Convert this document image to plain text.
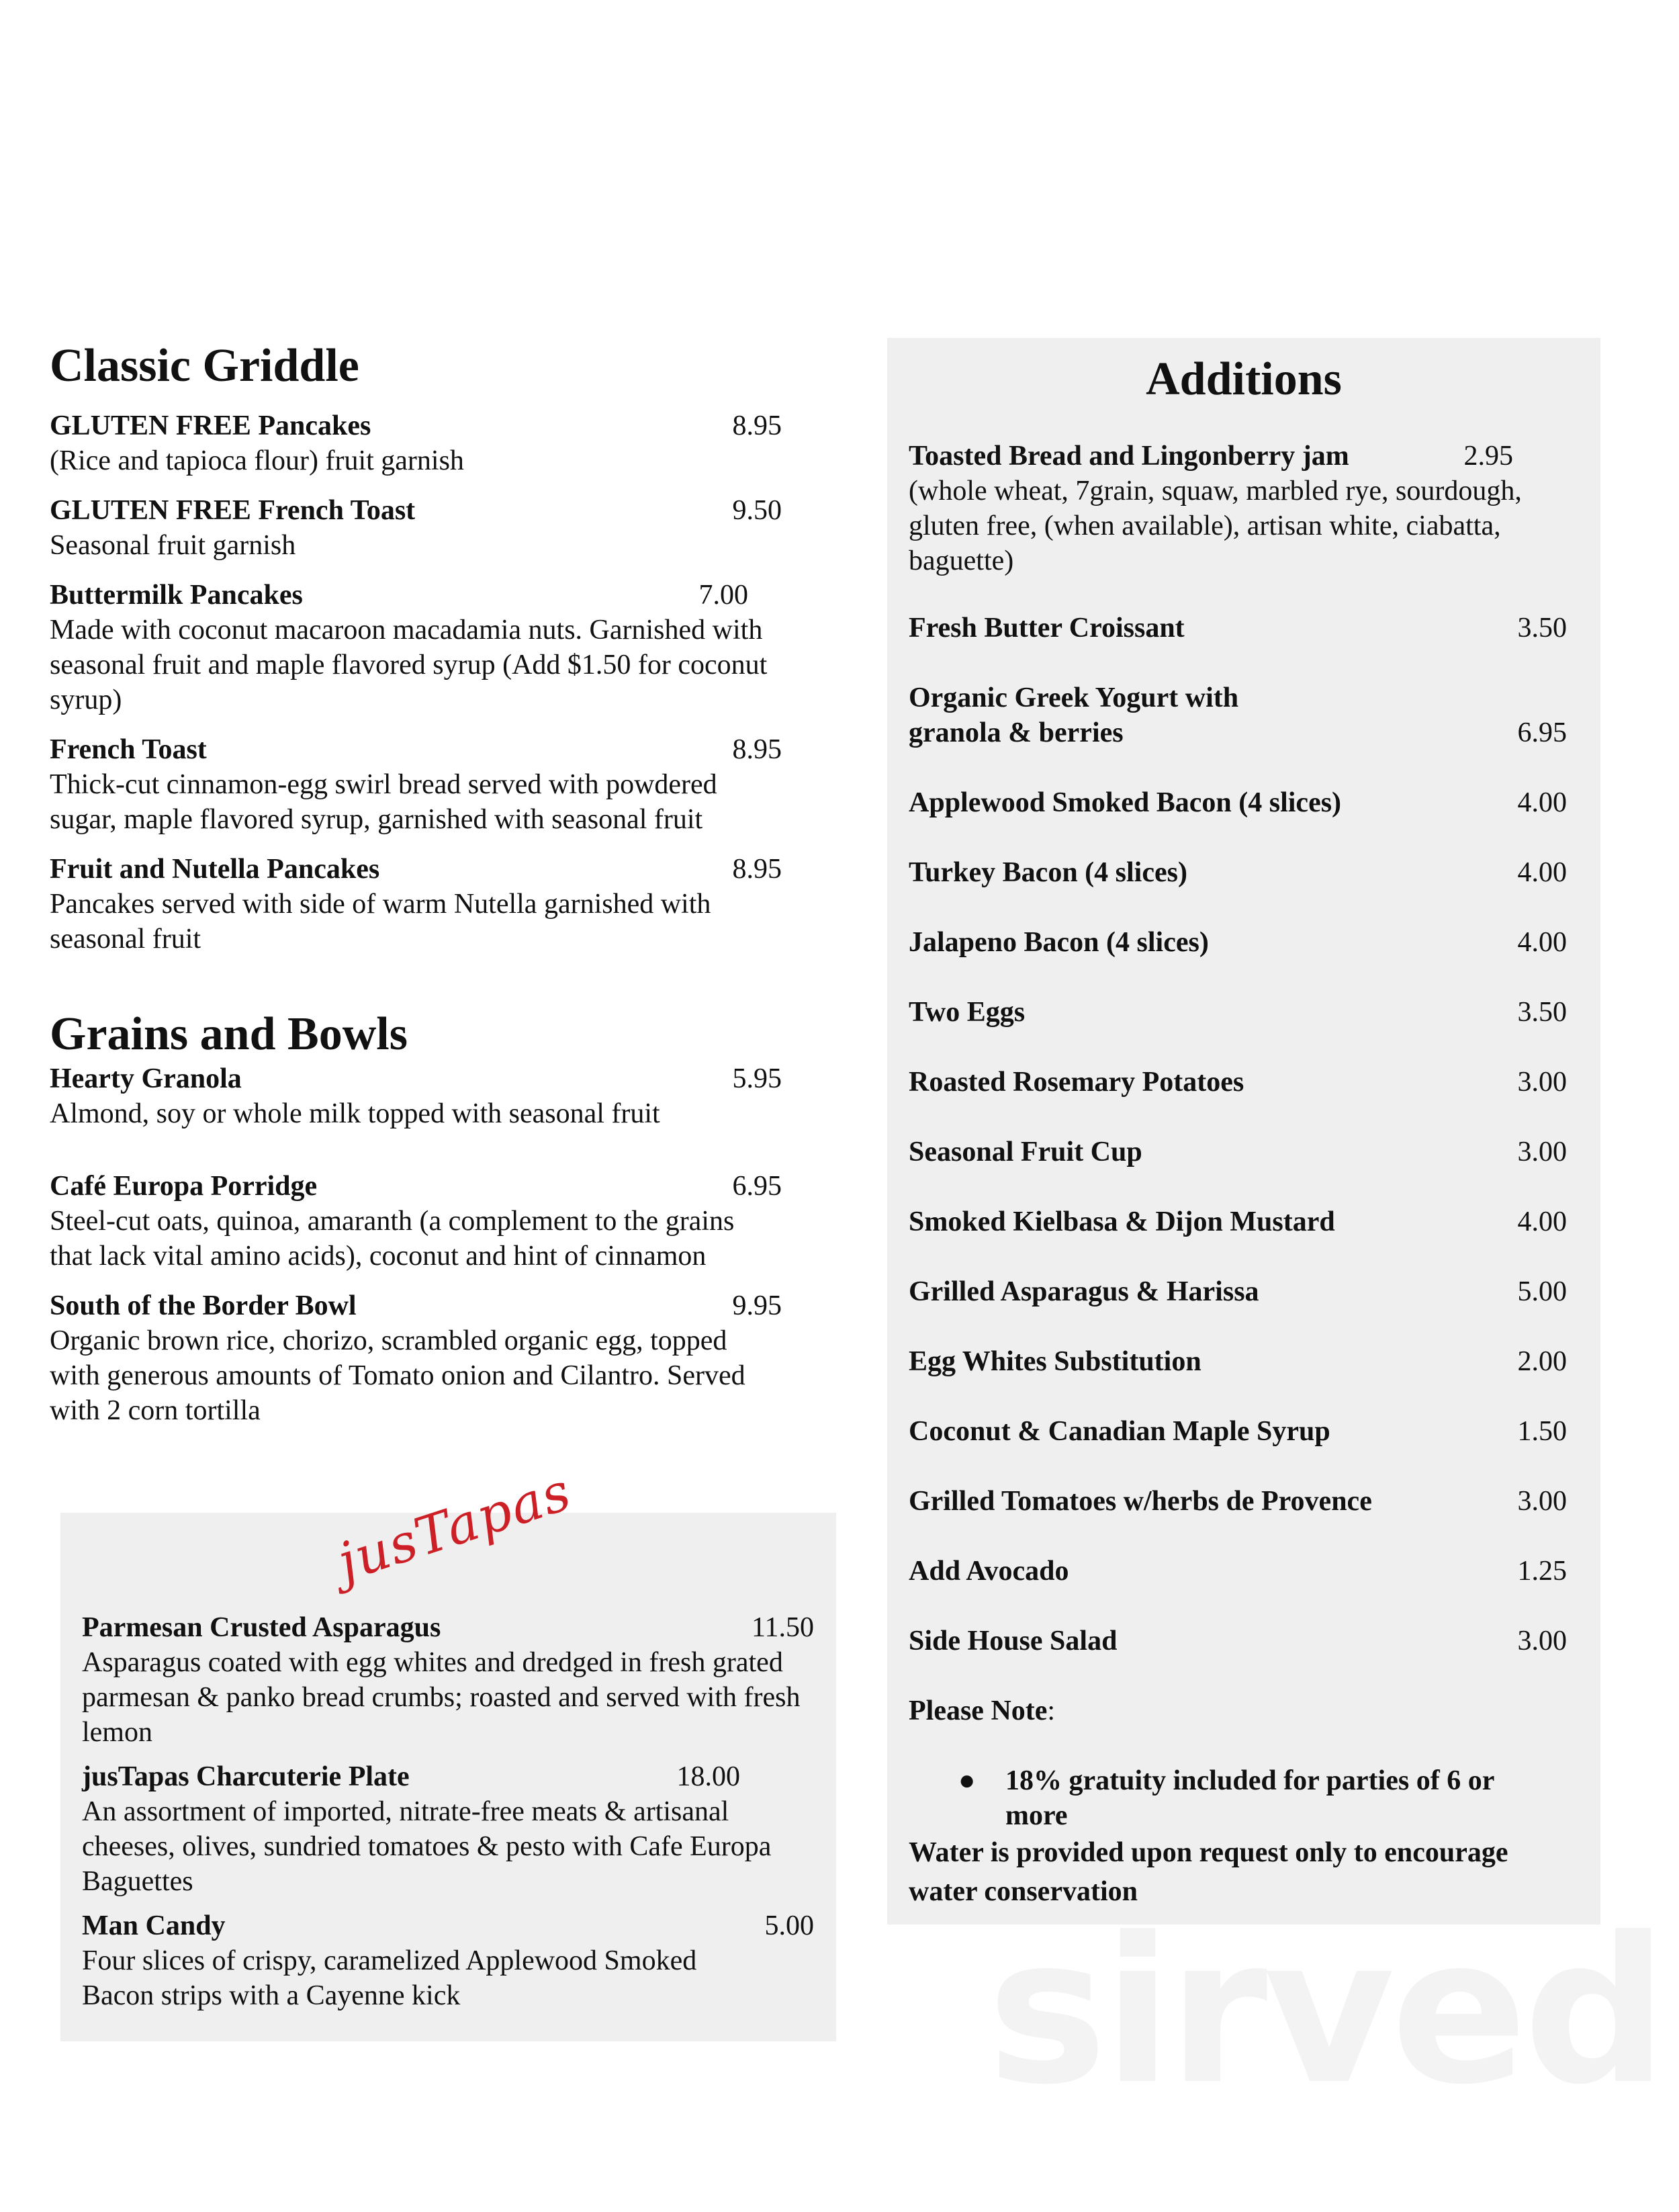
Classic Griddle
GLUTEN FREE Pancakes	8.95
(Rice and tapioca flour) fruit garnish
GLUTEN FREE French Toast	9.50
Seasonal fruit garnish
Buttermilk Pancakes	7.00
Made with coconut macaroon macadamia nuts. Garnished with seasonal fruit and maple flavored syrup (Add $1.50 for coconut syrup)
French Toast	8.95
Thick-cut cinnamon-egg swirl bread served with powdered sugar, maple flavored syrup, garnished with seasonal fruit
Fruit and Nutella Pancakes	8.95
Pancakes served with side of warm Nutella garnished with seasonal fruit
Grains and Bowls
Hearty Granola	5.95
Almond, soy or whole milk topped with seasonal fruit
Café Europa Porridge	6.95
Steel-cut oats, quinoa, amaranth (a complement to the grains that lack vital amino acids), coconut and hint of cinnamon
South of the Border Bowl	9.95
Organic brown rice, chorizo, scrambled organic egg, topped with generous amounts of Tomato onion and Cilantro. Served with 2 corn tortilla
jusTapas
Parmesan Crusted Asparagus	11.50
Asparagus coated with egg whites and dredged in fresh grated parmesan & panko bread crumbs; roasted and served with fresh lemon
jusTapas Charcuterie Plate	18.00
An assortment of imported, nitrate-free meats & artisanal cheeses, olives, sundried tomatoes & pesto with Cafe Europa Baguettes
Man Candy	5.00
Four slices of crispy, caramelized Applewood Smoked Bacon strips with a Cayenne kick
Additions
Toasted Bread and Lingonberry jam	2.95
(whole wheat, 7grain, squaw, marbled rye, sourdough, gluten free, (when available), artisan white, ciabatta, baguette)
Fresh Butter Croissant	3.50
Organic Greek Yogurt with
granola & berries	6.95
Applewood Smoked Bacon (4 slices)	4.00
Turkey Bacon (4 slices)	4.00
Jalapeno Bacon (4 slices)	4.00
Two Eggs	3.50
Roasted Rosemary Potatoes	3.00
Seasonal Fruit Cup	3.00
Smoked Kielbasa & Dijon Mustard	4.00
Grilled Asparagus & Harissa	5.00
Egg Whites Substitution	2.00
Coconut & Canadian Maple Syrup	1.50
Grilled Tomatoes w/herbs de Provence	3.00
Add Avocado	1.25
Side House Salad	3.00
Please Note:
●	18% gratuity included for parties of 6 or more
Water is provided upon request only to encourage water conservation
sirved
